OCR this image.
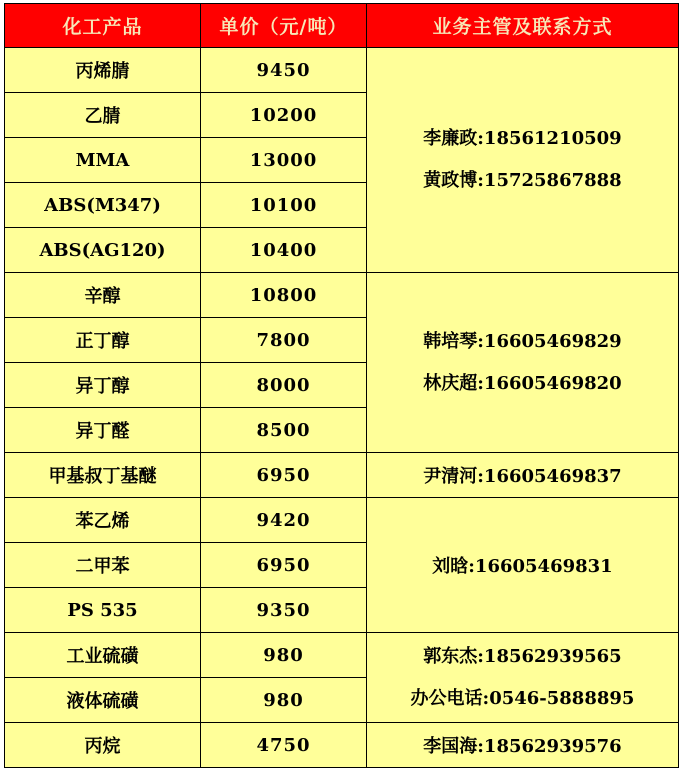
化工产品	单价（元/吨）	业务主管及联系方式
丙烯腈	9450	李廉政:18561210509
黄政博:15725867888

乙腈	10200	
MMA	13000	
ABS(M347)	10100	
ABS(AG120)	10400	
辛醇	10800	韩培琴:16605469829
林庆超:16605469820

正丁醇	7800	
异丁醇	8000	
异丁醛	8500	
甲基叔丁基醚	6950	尹清河:16605469837
苯乙烯	9420	刘晗:16605469831
二甲苯	6950	
PS 535	9350	
工业硫磺	980	郭东杰:18562939565
办公电话:0546-5888895

液体硫磺	980	
丙烷	4750	李国海:18562939576
